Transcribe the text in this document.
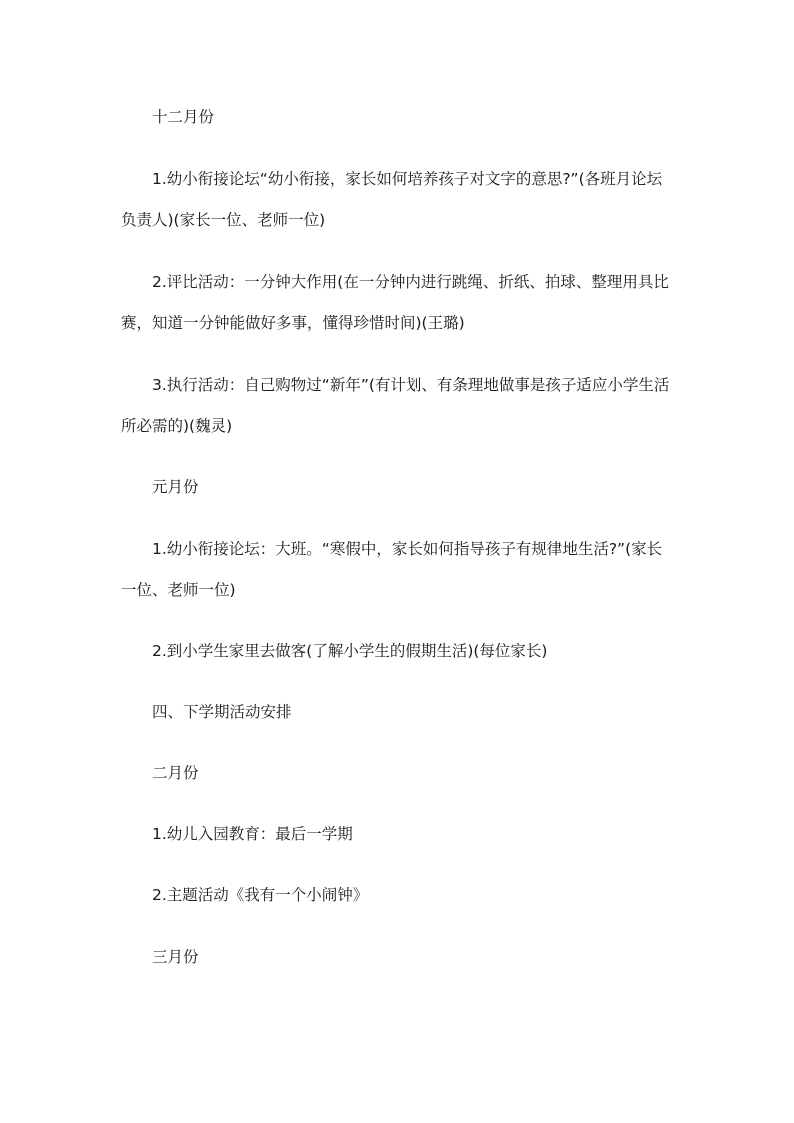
十二月份

1.幼小衔接论坛“幼小衔接，家长如何培养孩子对文字的意思?”(各班月论坛负责人)(家长一位、老师一位)

2.评比活动：一分钟大作用(在一分钟内进行跳绳、折纸、拍球、整理用具比赛，知道一分钟能做好多事，懂得珍惜时间)(王璐)

3.执行活动：自己购物过“新年”(有计划、有条理地做事是孩子适应小学生活所必需的)(魏灵)

元月份

1.幼小衔接论坛：大班。“寒假中，家长如何指导孩子有规律地生活?”(家长一位、老师一位)

2.到小学生家里去做客(了解小学生的假期生活)(每位家长)

四、下学期活动安排

二月份

1.幼儿入园教育：最后一学期

2.主题活动《我有一个小闹钟》

三月份
